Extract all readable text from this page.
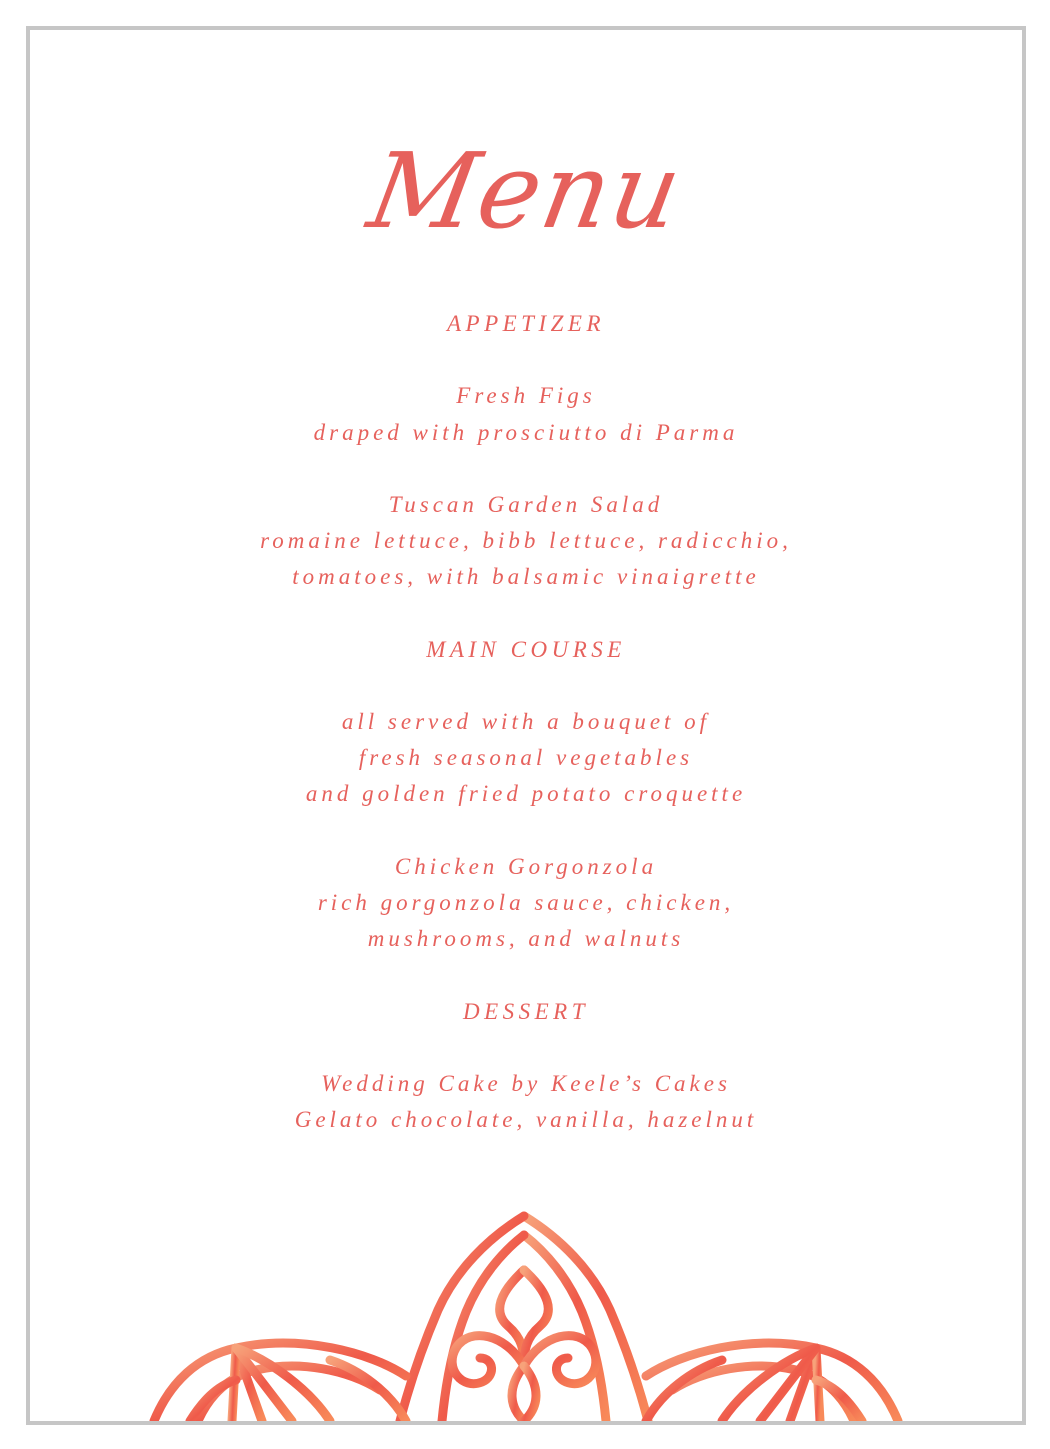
Menu
APPETIZER
Fresh Figs
draped with prosciutto di Parma
Tuscan Garden Salad
romaine lettuce, bibb lettuce, radicchio,
tomatoes, with balsamic vinaigrette
MAIN COURSE
all served with a bouquet of
fresh seasonal vegetables
and golden fried potato croquette
Chicken Gorgonzola
rich gorgonzola sauce, chicken,
mushrooms, and walnuts
DESSERT
Wedding Cake by Keele’s Cakes
Gelato chocolate, vanilla, hazelnut
